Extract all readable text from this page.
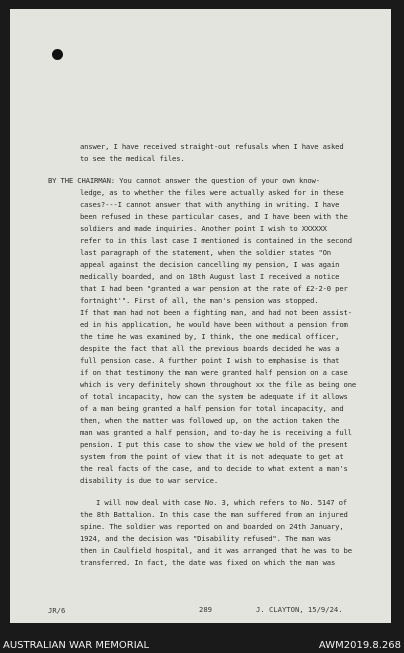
answer, I have received straight-out refusals when I have asked
to see the medical files.
BY THE CHAIRMAN: You cannot answer the question of your own know-
ledge, as to whether the files were actually asked for in these
cases?---I cannot answer that with anything in writing. I have
been refused in these particular cases, and I have been with the
soldiers and made inquiries. Another point I wish to XXXXXX
refer to in this last case I mentioned is contained in the second
last paragraph of the statement, when the soldier states "On
appeal against the decision cancelling my pension, I was again
medically boarded, and on 18th August last I received a notice
that I had been "granted a war pension at the rate of £2-2-0 per
fortnight'". First of all, the man's pension was stopped.
If that man had not been a fighting man, and had not been assist-
ed in his application, he would have been without a pension from
the time he was examined by, I think, the one medical officer,
despite the fact that all the previous boards decided he was a
full pension case. A further point I wish to emphasise is that
if on that testimony the man were granted half pension on a case
which is very definitely shown throughout xx the file as being one
of total incapacity, how can the system be adequate if it allows
of a man being granted a half pension for total incapacity, and
then, when the matter was followed up, on the action taken the
man was granted a half pension, and to-day he is receiving a full
pension. I put this case to show the view we hold of the present
system from the point of view that it is not adequate to get at
the real facts of the case, and to decide to what extent a man's
disability is due to war service.
I will now deal with case No. 3, which refers to No. 5147 of
the 8th Battalion. In this case the man suffered from an injured
spine. The soldier was reported on and boarded on 24th January,
1924, and the decision was "Disability refused". The man was
then in Caulfield hospital, and it was arranged that he was to be
transferred. In fact, the date was fixed on which the man was
JR/6	289	J. CLAYTON, 15/9/24.
AUSTRALIAN WAR MEMORIAL	AWM2019.8.268
